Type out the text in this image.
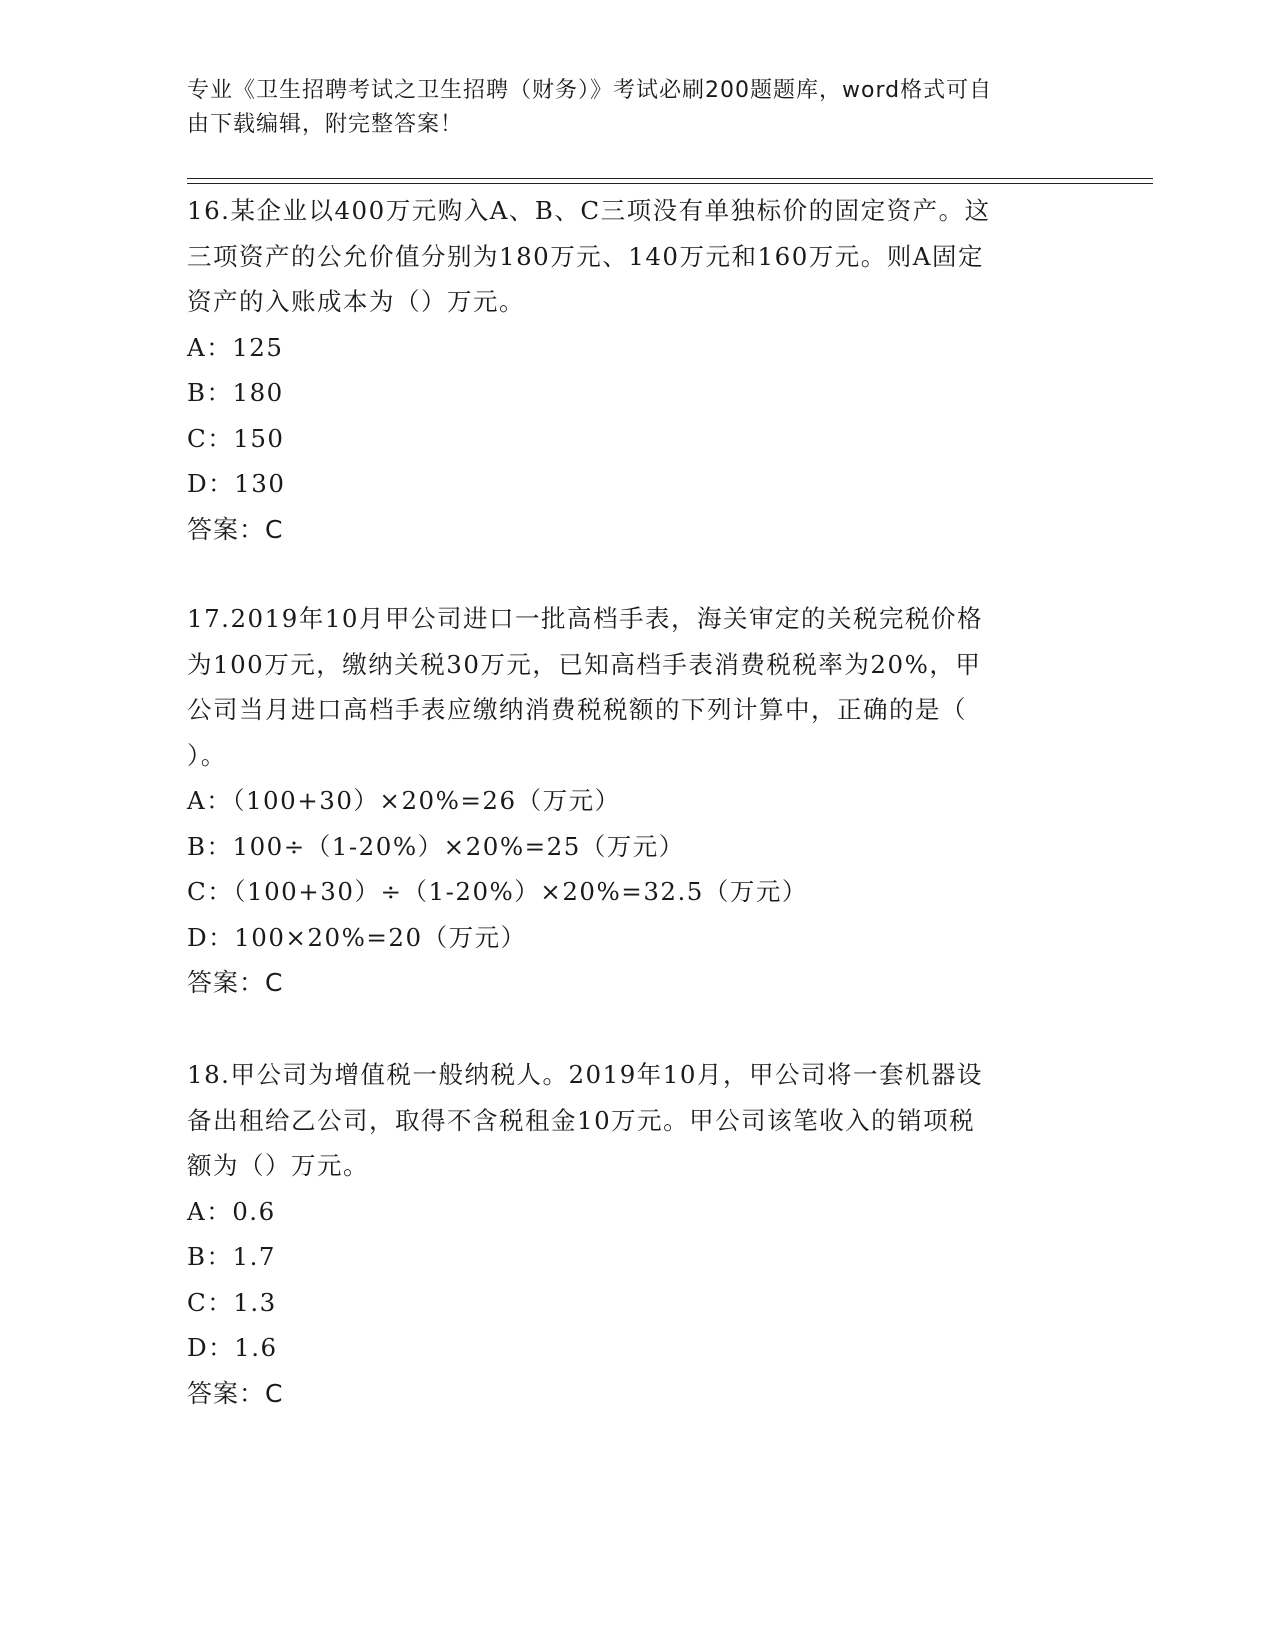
专业《卫生招聘考试之卫生招聘（财务）》考试必刷200题题库，word格式可自
由下载编辑，附完整答案！
16.某企业以400万元购入A、B、C三项没有单独标价的固定资产。这
三项资产的公允价值分别为180万元、140万元和160万元。则A固定
资产的入账成本为（）万元。
A：125
B：180
C：150
D：130
答案：C
17.2019年10月甲公司进口一批高档手表，海关审定的关税完税价格
为100万元，缴纳关税30万元，已知高档手表消费税税率为20%，甲
公司当月进口高档手表应缴纳消费税税额的下列计算中，正确的是（
）。
A：（100+30）×20%=26（万元）
B：100÷（1-20%）×20%=25（万元）
C：（100+30）÷（1-20%）×20%=32.5（万元）
D：100×20%=20（万元）
答案：C
18.甲公司为增值税一般纳税人。2019年10月，甲公司将一套机器设
备出租给乙公司，取得不含税租金10万元。甲公司该笔收入的销项税
额为（）万元。
A：0.6
B：1.7
C：1.3
D：1.6
答案：C
